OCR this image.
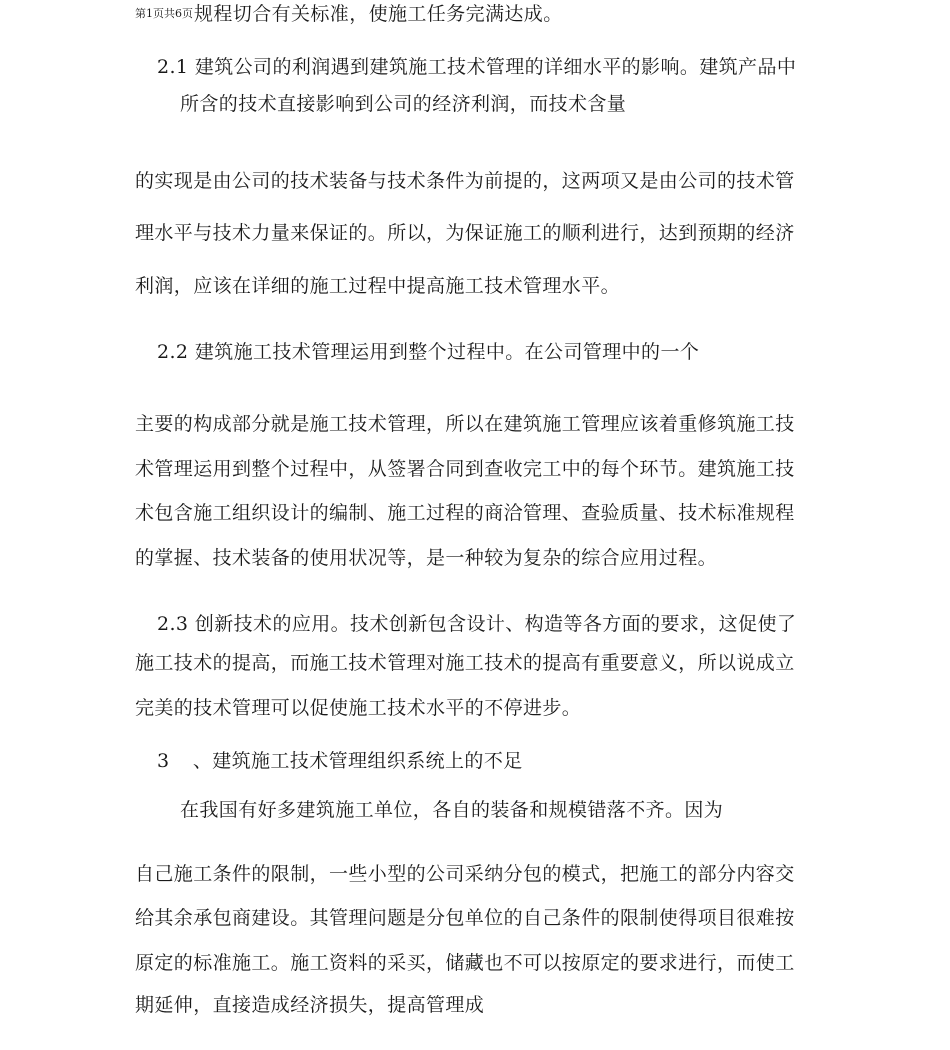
第1页共6页规程切合有关标准，使施工任务完满达成。
2.1 建筑公司的利润遇到建筑施工技术管理的详细水平的影响。建筑产品中
所含的技术直接影响到公司的经济利润，而技术含量
的实现是由公司的技术装备与技术条件为前提的，这两项又是由公司的技术管
理水平与技术力量来保证的。所以，为保证施工的顺利进行，达到预期的经济
利润，应该在详细的施工过程中提高施工技术管理水平。
2.2 建筑施工技术管理运用到整个过程中。在公司管理中的一个
主要的构成部分就是施工技术管理，所以在建筑施工管理应该着重修筑施工技
术管理运用到整个过程中，从签署合同到查收完工中的每个环节。建筑施工技
术包含施工组织设计的编制、施工过程的商洽管理、查验质量、技术标准规程
的掌握、技术装备的使用状况等，是一种较为复杂的综合应用过程。
2.3 创新技术的应用。技术创新包含设计、构造等各方面的要求，这促使了
施工技术的提高，而施工技术管理对施工技术的提高有重要意义，所以说成立
完美的技术管理可以促使施工技术水平的不停进步。
3 、建筑施工技术管理组织系统上的不足
在我国有好多建筑施工单位，各自的装备和规模错落不齐。因为
自己施工条件的限制，一些小型的公司采纳分包的模式，把施工的部分内容交
给其余承包商建设。其管理问题是分包单位的自己条件的限制使得项目很难按
原定的标准施工。施工资料的采买，储藏也不可以按原定的要求进行，而使工
期延伸，直接造成经济损失，提高管理成
